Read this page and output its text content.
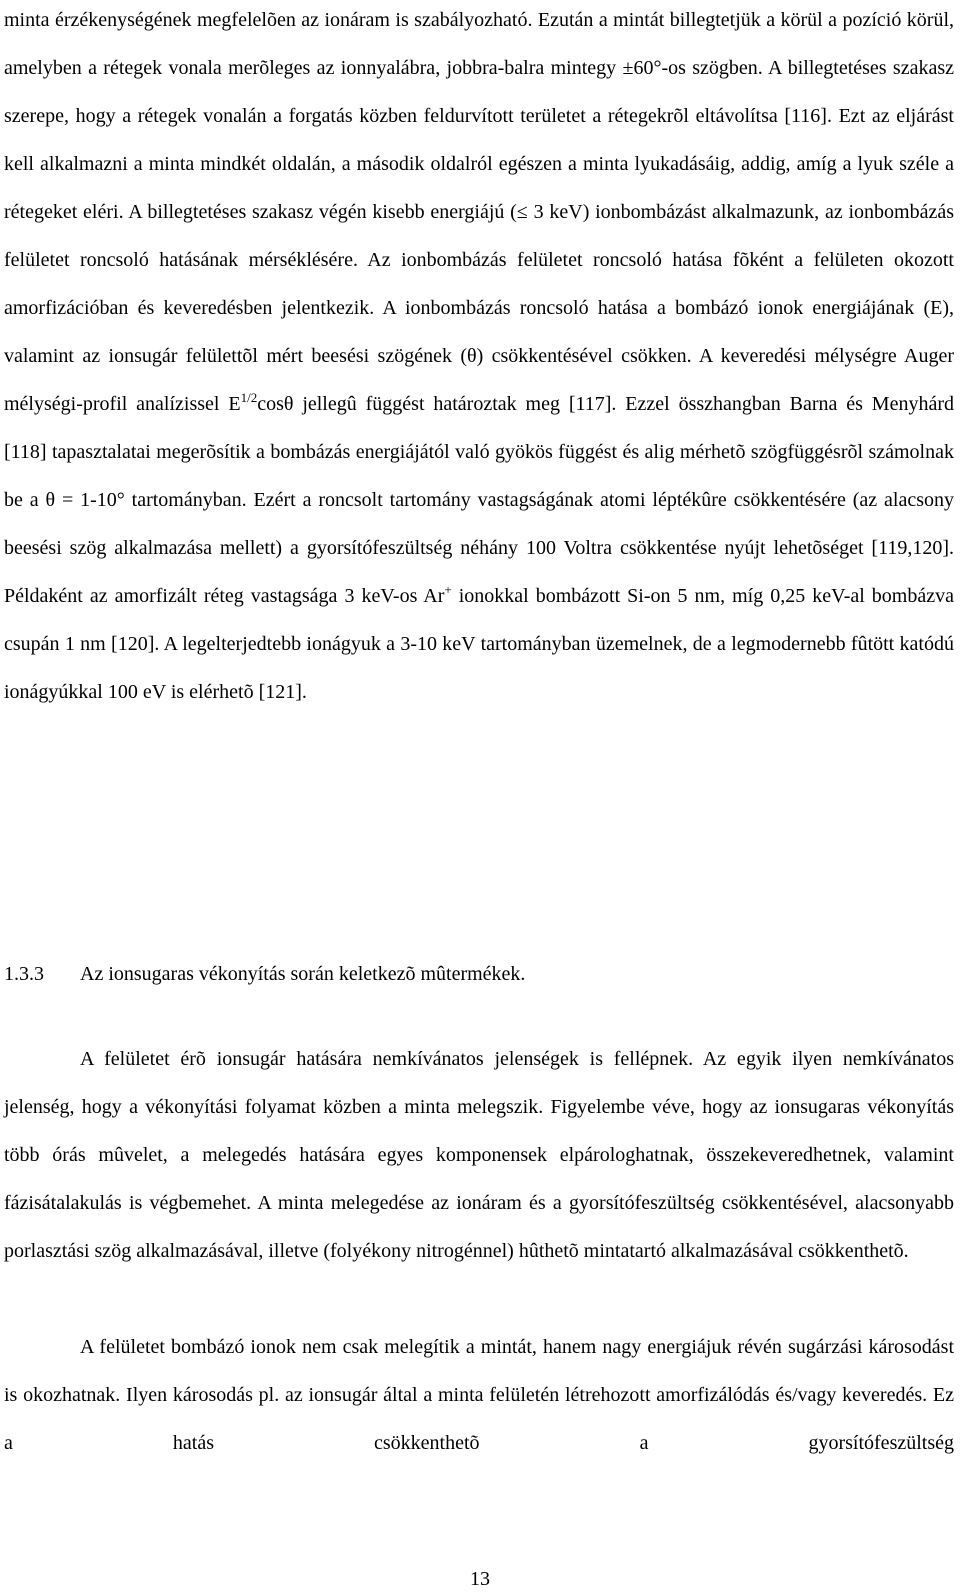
minta érzékenységének megfelelõen az ionáram is szabályozható. Ezután a mintát billegtetjük a körül a pozíció körül, amelyben a rétegek vonala merõleges az ionnyalábra, jobbra-balra mintegy ±60°-os szögben. A billegtetéses szakasz szerepe, hogy a rétegek vonalán a forgatás közben feldurvított területet a rétegekrõl eltávolítsa [116]. Ezt az eljárást kell alkalmazni a minta mindkét oldalán, a második oldalról egészen a minta lyukadásáig, addig, amíg a lyuk széle a rétegeket eléri. A billegtetéses szakasz végén kisebb energiájú (≤ 3 keV) ionbombázást alkalmazunk, az ionbombázás felületet roncsoló hatásának mérséklésére. Az ionbombázás felületet roncsoló hatása fõként a felületen okozott amorfizációban és keveredésben jelentkezik. A ionbombázás roncsoló hatása a bombázó ionok energiájának (E), valamint az ionsugár felülettõl mért beesési szögének (θ) csökkentésével csökken. A keveredési mélységre Auger mélységi-profil analízissel $E^{1/2}\cos\theta$ jellegû függést határoztak meg [117]. Ezzel összhangban Barna és Menyhárd [118] tapasztalatai megerõsítik a bombázás energiájától való gyökös függést és alig mérhetõ szögfüggésrõl számolnak be a θ = 1-10° tartományban. Ezért a roncsolt tartomány vastagságának atomi léptékûre csökkentésére (az alacsony beesési szög alkalmazása mellett) a gyorsítófeszültség néhány 100 Voltra csökkentése nyújt lehetõséget [119,120]. Példaként az amorfizált réteg vastagsága 3 keV-os Ar+ ionokkal bombázott Si-on 5 nm, míg 0,25 keV-al bombázva csupán 1 nm [120]. A legelterjedtebb ionágyuk a 3-10 keV tartományban üzemelnek, de a legmodernebb fûtött katódú ionágyúkkal 100 eV is elérhetõ [121].

1.3.3 Az ionsugaras vékonyítás során keletkezõ mûtermékek.

A felületet érõ ionsugár hatására nemkívánatos jelenségek is fellépnek. Az egyik ilyen nemkívánatos jelenség, hogy a vékonyítási folyamat közben a minta melegszik. Figyelembe véve, hogy az ionsugaras vékonyítás több órás mûvelet, a melegedés hatására egyes komponensek elpárologhatnak, összekeveredhetnek, valamint fázisátalakulás is végbemehet. A minta melegedése az ionáram és a gyorsítófeszültség csökkentésével, alacsonyabb porlasztási szög alkalmazásával, illetve (folyékony nitrogénnel) hûthetõ mintatartó alkalmazásával csökkenthetõ.

A felületet bombázó ionok nem csak melegítik a mintát, hanem nagy energiájuk révén sugárzási károsodást is okozhatnak. Ilyen károsodás pl. az ionsugár által a minta felületén létrehozott amorfizálódás és/vagy keveredés. Ez a hatás csökkenthetõ a gyorsítófeszültség

13
